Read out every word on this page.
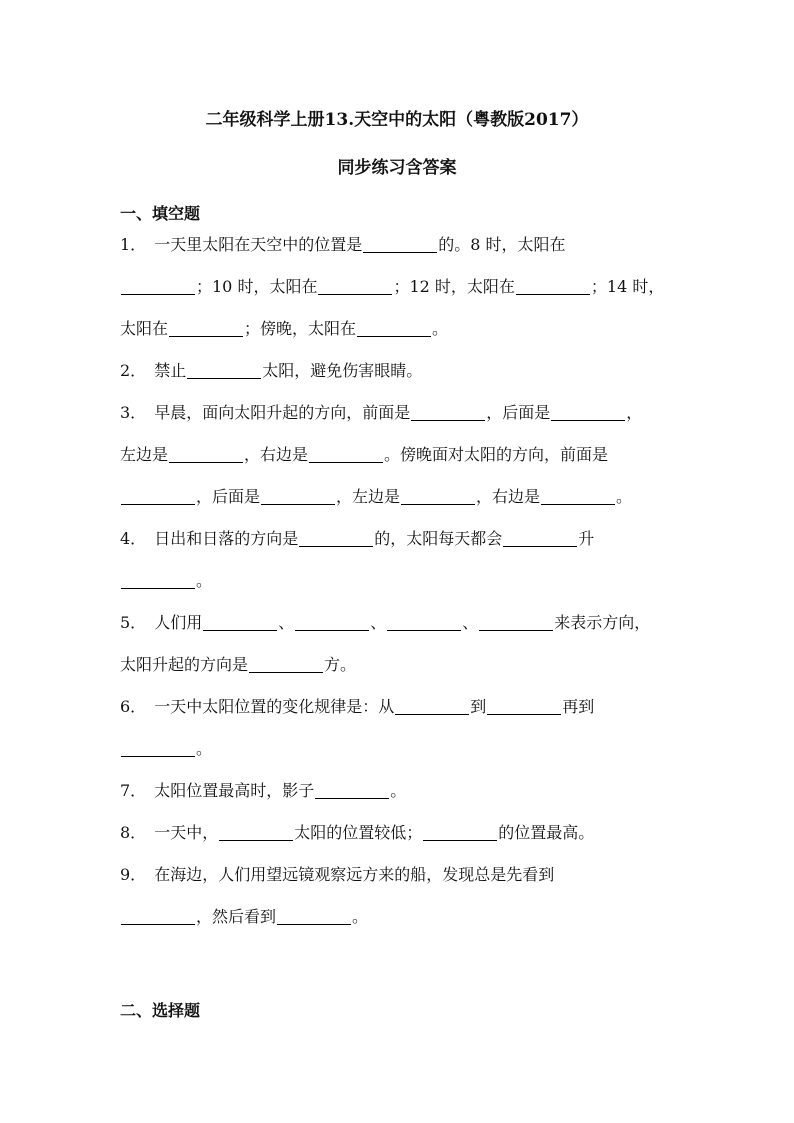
二年级科学上册13.天空中的太阳（粤教版2017）
同步练习含答案
一、填空题
1． 一天里太阳在天空中的位置是	的。8 时，太阳在
；10 时，太阳在	；12 时，太阳在	；14 时，
太阳在	；傍晚，太阳在	。
2． 禁止	太阳，避免伤害眼睛。
3． 早晨，面向太阳升起的方向，前面是	，后面是	，
左边是	，右边是	。傍晚面对太阳的方向，前面是
，后面是	，左边是	，右边是	。
4． 日出和日落的方向是	的，太阳每天都会	升
。
5． 人们用	、	、	、	来表示方向，
太阳升起的方向是	方。
6． 一天中太阳位置的变化规律是：从	到	再到
。
7． 太阳位置最高时，影子	。
8． 一天中，	太阳的位置较低；	的位置最高。
9． 在海边，人们用望远镜观察远方来的船，发现总是先看到
，然后看到	。
二、选择题
